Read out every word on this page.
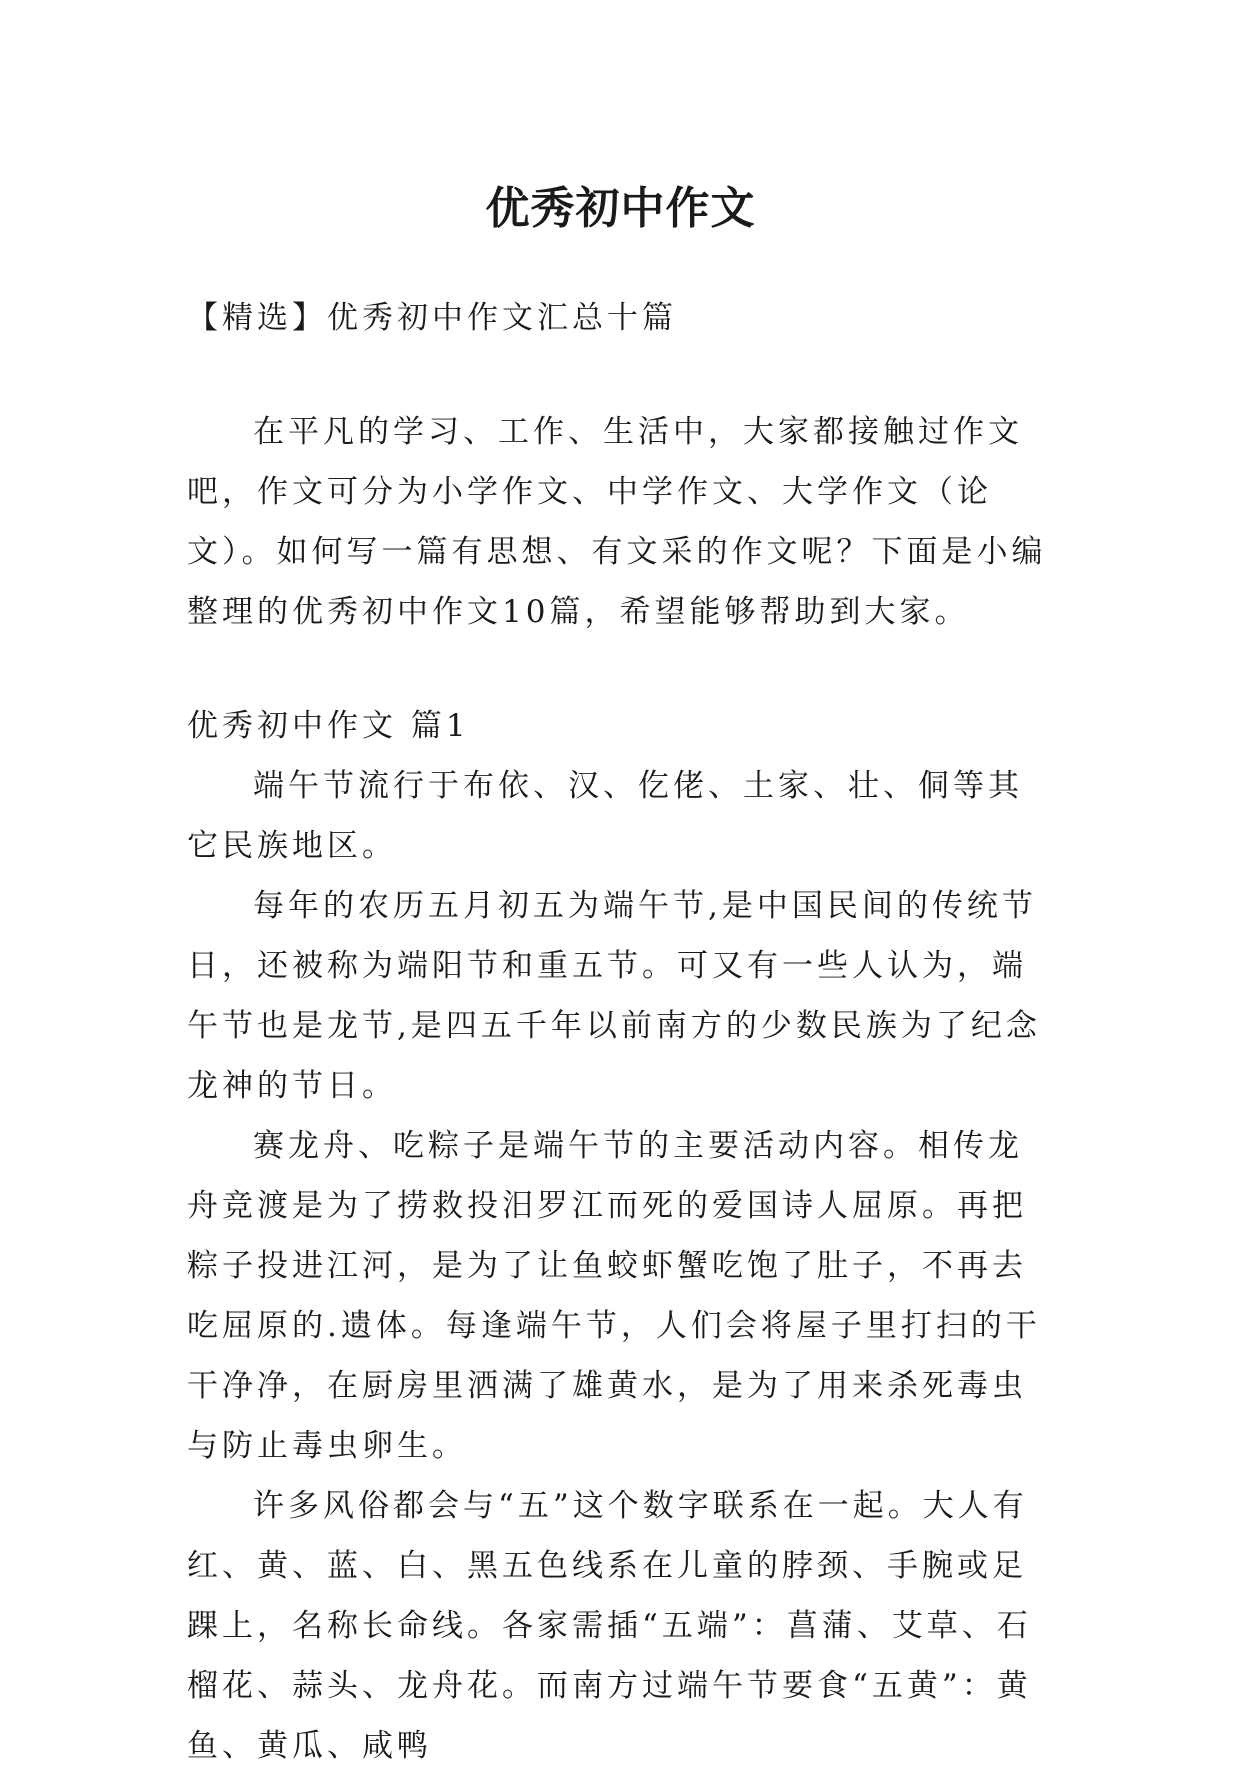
优秀初中作文

【精选】优秀初中作文汇总十篇

在平凡的学习、工作、生活中，大家都接触过作文吧，作文可分为小学作文、中学作文、大学作文（论文）。如何写一篇有思想、有文采的作文呢？下面是小编整理的优秀初中作文10篇，希望能够帮助到大家。

优秀初中作文 篇1

端午节流行于布依、汉、仡佬、土家、壮、侗等其它民族地区。

每年的农历五月初五为端午节,是中国民间的传统节日，还被称为端阳节和重五节。可又有一些人认为，端午节也是龙节,是四五千年以前南方的少数民族为了纪念龙神的节日。

赛龙舟、吃粽子是端午节的主要活动内容。相传龙舟竞渡是为了捞救投汨罗江而死的爱国诗人屈原。再把粽子投进江河，是为了让鱼蛟虾蟹吃饱了肚子，不再去吃屈原的.遗体。每逢端午节，人们会将屋子里打扫的干干净净，在厨房里洒满了雄黄水，是为了用来杀死毒虫与防止毒虫卵生。

许多风俗都会与“五”这个数字联系在一起。大人有红、黄、蓝、白、黑五色线系在儿童的脖颈、手腕或足踝上，名称长命线。各家需插“五端”：菖蒲、艾草、石榴花、蒜头、龙舟花。而南方过端午节要食“五黄”：黄鱼、黄瓜、咸鸭
